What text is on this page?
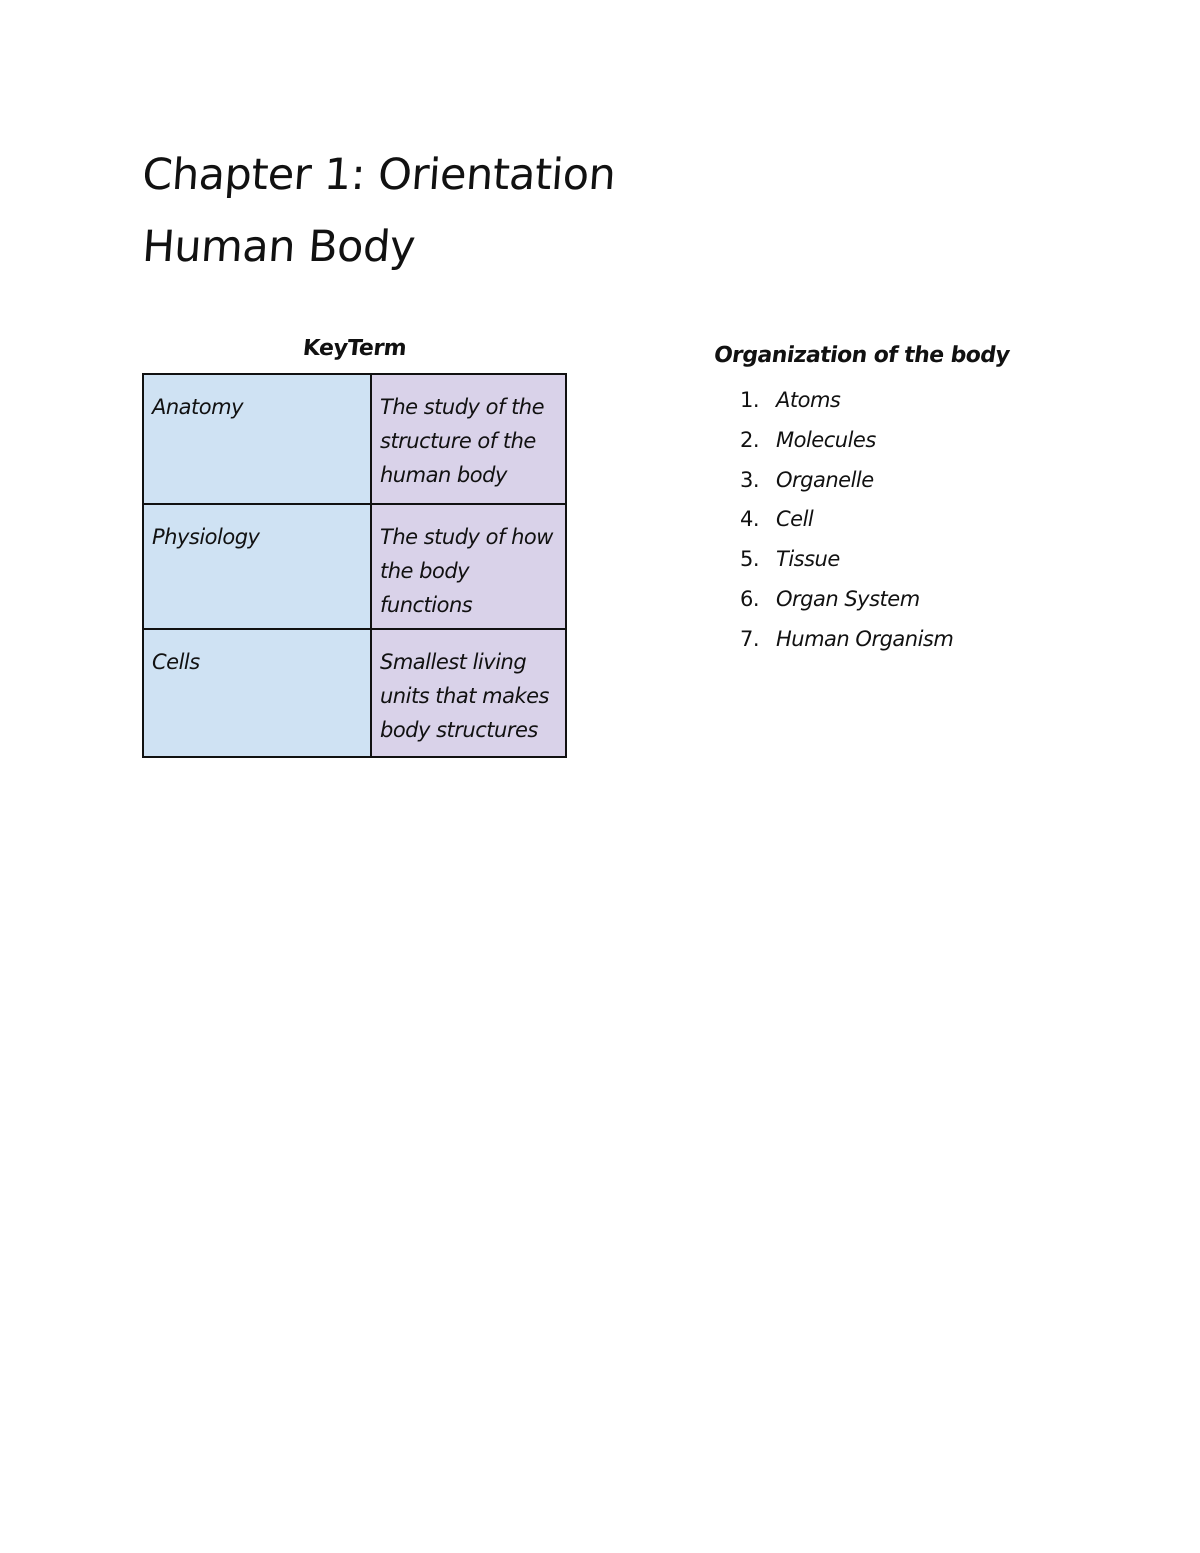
Chapter 1: Orientation
Human Body
KeyTerm
Anatomy	The study of the structure of the human body
Physiology	The study of how the body functions
Cells	Smallest living units that makes body structures
Organization of the body
1. Atoms
2. Molecules
3. Organelle
4. Cell
5. Tissue
6. Organ System
7. Human Organism
